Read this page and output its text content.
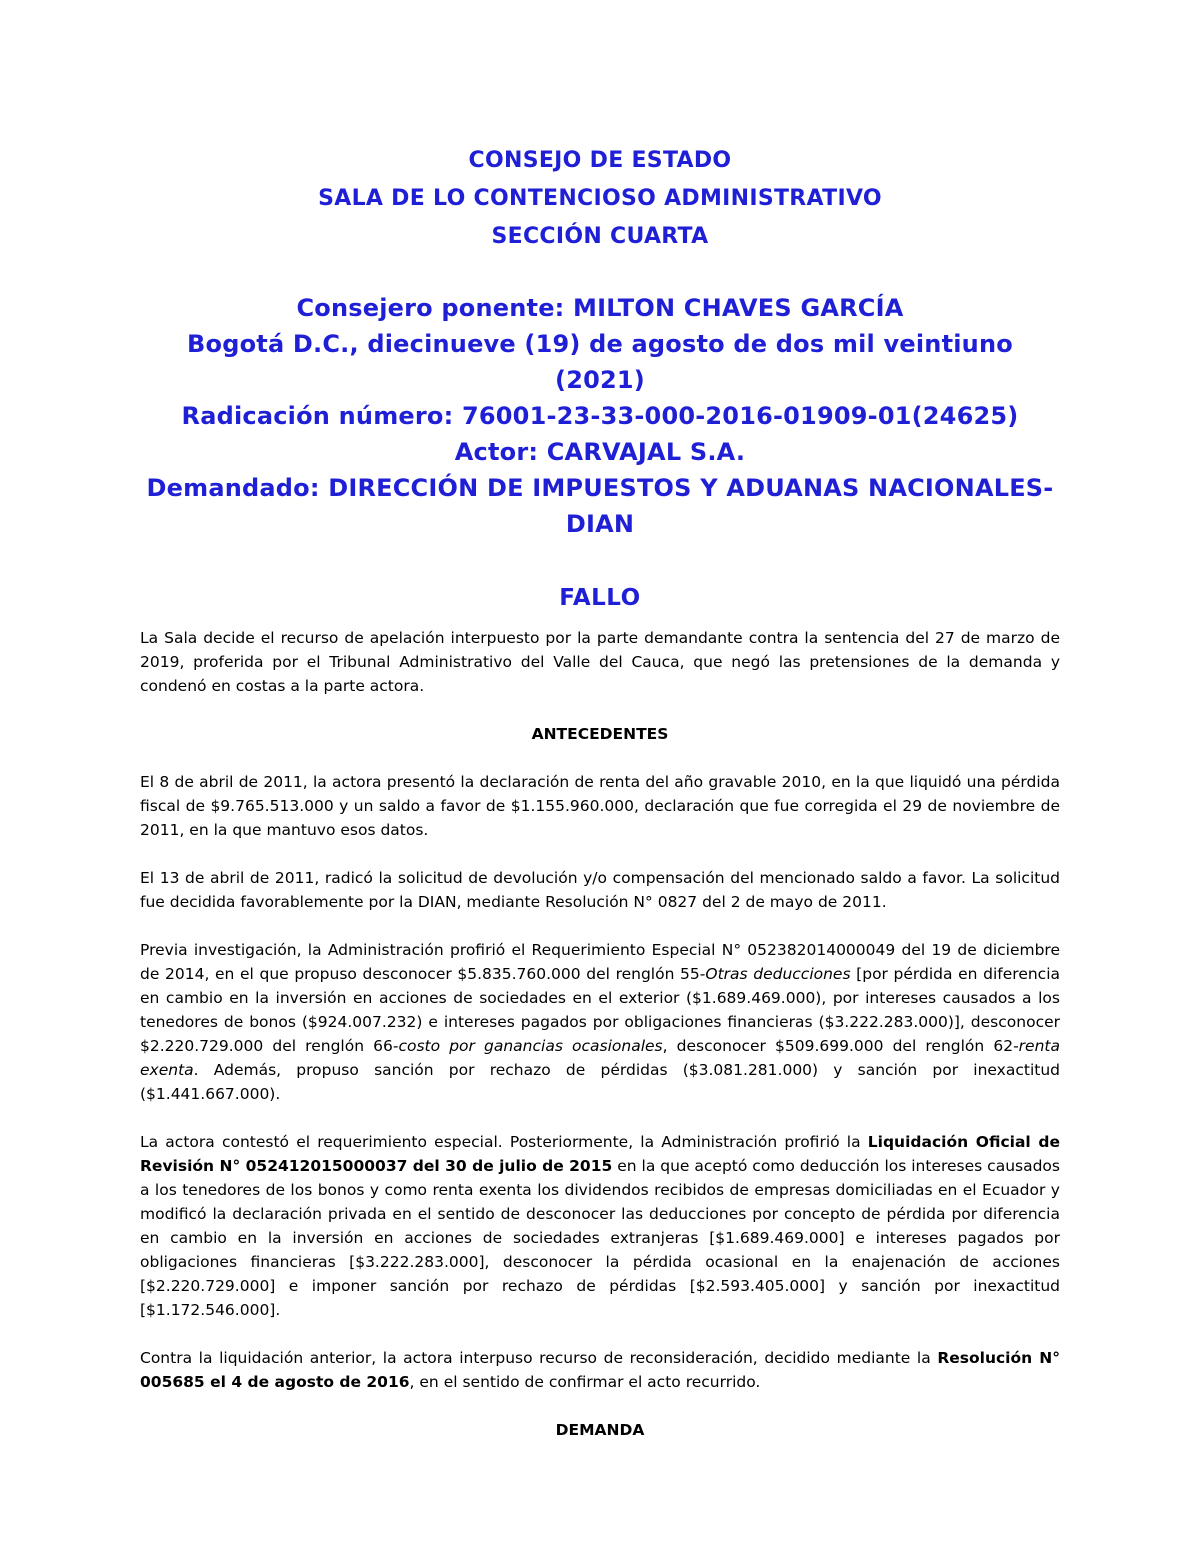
CONSEJO DE ESTADO
SALA DE LO CONTENCIOSO ADMINISTRATIVO
SECCIÓN CUARTA
Consejero ponente: MILTON CHAVES GARCÍA
Bogotá D.C., diecinueve (19) de agosto de dos mil veintiuno (2021)
Radicación número: 76001-23-33-000-2016-01909-01(24625)
Actor: CARVAJAL S.A.
Demandado: DIRECCIÓN DE IMPUESTOS Y ADUANAS NACIONALES-
DIAN
FALLO

La Sala decide el recurso de apelación interpuesto por la parte demandante contra la sentencia del 27 de marzo de 2019, proferida por el Tribunal Administrativo del Valle del Cauca, que negó las pretensiones de la demanda y condenó en costas a la parte actora.

ANTECEDENTES

El 8 de abril de 2011, la actora presentó la declaración de renta del año gravable 2010, en la que liquidó una pérdida fiscal de $9.765.513.000 y un saldo a favor de $1.155.960.000, declaración que fue corregida el 29 de noviembre de 2011, en la que mantuvo esos datos.

El 13 de abril de 2011, radicó la solicitud de devolución y/o compensación del mencionado saldo a favor. La solicitud fue decidida favorablemente por la DIAN, mediante Resolución N° 0827 del 2 de mayo de 2011.

Previa investigación, la Administración profirió el Requerimiento Especial N° 052382014000049 del 19 de diciembre de 2014, en el que propuso desconocer $5.835.760.000 del renglón 55-Otras deducciones [por pérdida en diferencia en cambio en la inversión en acciones de sociedades en el exterior ($1.689.469.000), por intereses causados a los tenedores de bonos ($924.007.232) e intereses pagados por obligaciones financieras ($3.222.283.000)], desconocer $2.220.729.000 del renglón 66-costo por ganancias ocasionales, desconocer $509.699.000 del renglón 62-renta exenta. Además, propuso sanción por rechazo de pérdidas ($3.081.281.000) y sanción por inexactitud ($1.441.667.000).

La actora contestó el requerimiento especial. Posteriormente, la Administración profirió la Liquidación Oficial de Revisión N° 052412015000037 del 30 de julio de 2015 en la que aceptó como deducción los intereses causados a los tenedores de los bonos y como renta exenta los dividendos recibidos de empresas domiciliadas en el Ecuador y modificó la declaración privada en el sentido de desconocer las deducciones por concepto de pérdida por diferencia en cambio en la inversión en acciones de sociedades extranjeras [$1.689.469.000] e intereses pagados por obligaciones financieras [$3.222.283.000], desconocer la pérdida ocasional en la enajenación de acciones [$2.220.729.000] e imponer sanción por rechazo de pérdidas [$2.593.405.000] y sanción por inexactitud [$1.172.546.000].

Contra la liquidación anterior, la actora interpuso recurso de reconsideración, decidido mediante la Resolución N° 005685 el 4 de agosto de 2016, en el sentido de confirmar el acto recurrido.

DEMANDA
